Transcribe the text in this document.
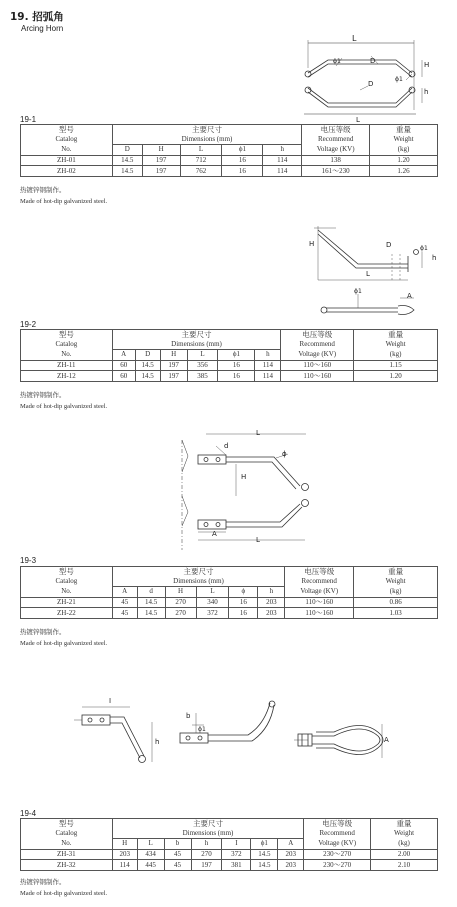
19. 招弧角
Arcing Horn
L
ϕ1	D
D
ϕ1
H
h
L
19-1
型号	主要尺寸					电压等级	重量
Catalog	Dimensions (mm)					Recommend	Weight
No.	D	H	L	ϕ1	h	Voltage (KV)	(kg)
ZH-01	14.5	197	712	16	114	138	1.20
ZH-02	14.5	197	762	16	114	161～230	1.26
热镀锌钢制作。
Made of hot-dip galvanized steel.
H	D	ϕ1
h
L
ϕ1
A
19-2
型号	主要尺寸						电压等级	重量
Catalog	Dimensions (mm)						Recommend	Weight
No.	A	D	H	L	ϕ1	h	Voltage (KV)	(kg)
ZH-11	60	14.5	197	356	16	114	110～160	1.15
ZH-12	60	14.5	197	385	16	114	110～160	1.20
热镀锌钢制作。
Made of hot-dip galvanized steel.
L
d
ϕ
H
A
L
19-3
型号	主要尺寸						电压等级	重量
Catalog	Dimensions (mm)						Recommend	Weight
No.	A	d	H	L	ϕ	h	Voltage (KV)	(kg)
ZH-21	45	14.5	270	340	16	203	110～160	0.86
ZH-22	45	14.5	270	372	16	203	110～160	1.03
热镀锌钢制作。
Made of hot-dip galvanized steel.
I
h
b
ϕ1
A
19-4
型号	主要尺寸							电压等级	重量
Catalog	Dimensions (mm)							Recommend	Weight
No.	H	L	b	h	I	ϕ1	A	Voltage (KV)	(kg)
ZH-31	203	434	45	270	372	14.5	203	230～270	2.00
ZH-32	114	445	45	197	381	14.5	203	230～270	2.10
热镀锌钢制作。
Made of hot-dip galvanized steel.
